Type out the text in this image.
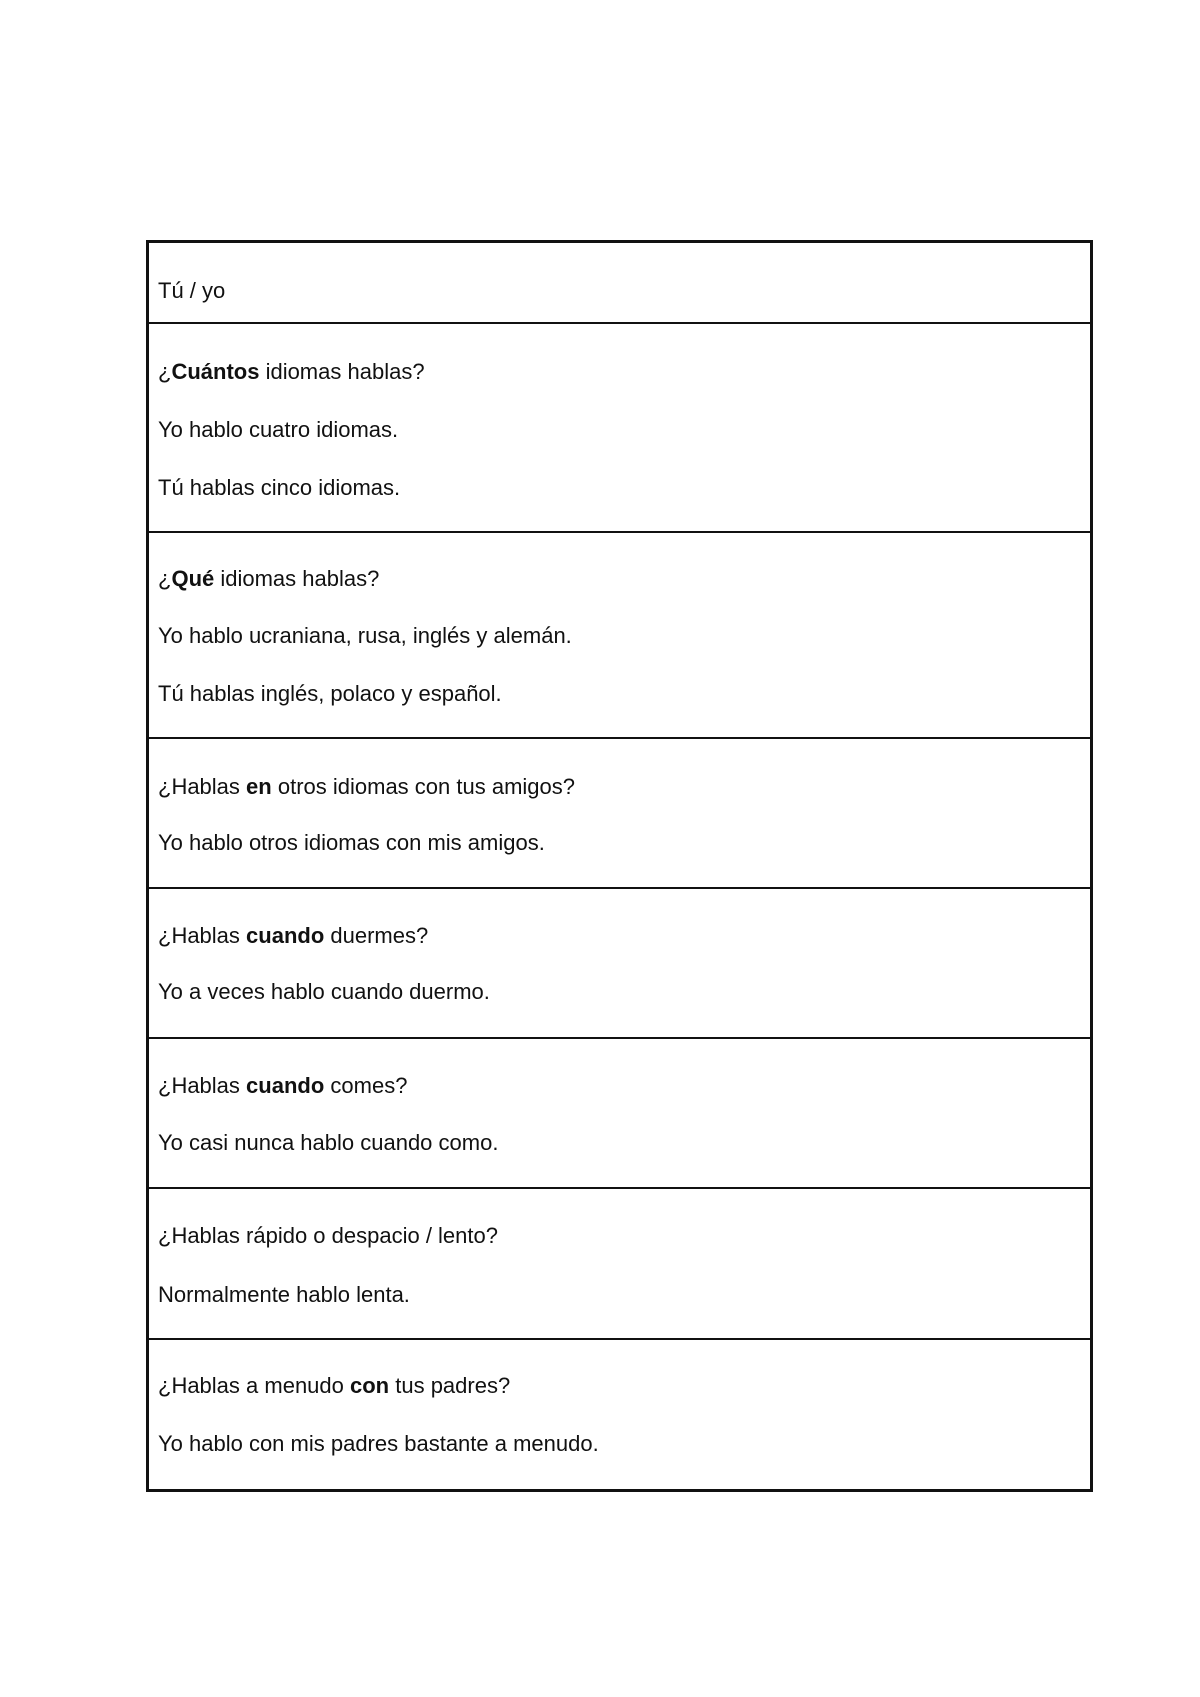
Tú / yo
¿Cuántos idiomas hablas?
Yo hablo cuatro idiomas.
Tú hablas cinco idiomas.
¿Qué idiomas hablas?
Yo hablo ucraniana, rusa, inglés y alemán.
Tú hablas inglés, polaco y español.
¿Hablas en otros idiomas con tus amigos?
Yo hablo otros idiomas con mis amigos.
¿Hablas cuando duermes?
Yo a veces hablo cuando duermo.
¿Hablas cuando comes?
Yo casi nunca hablo cuando como.
¿Hablas rápido o despacio / lento?
Normalmente hablo lenta.
¿Hablas a menudo con tus padres?
Yo hablo con mis padres bastante a menudo.
